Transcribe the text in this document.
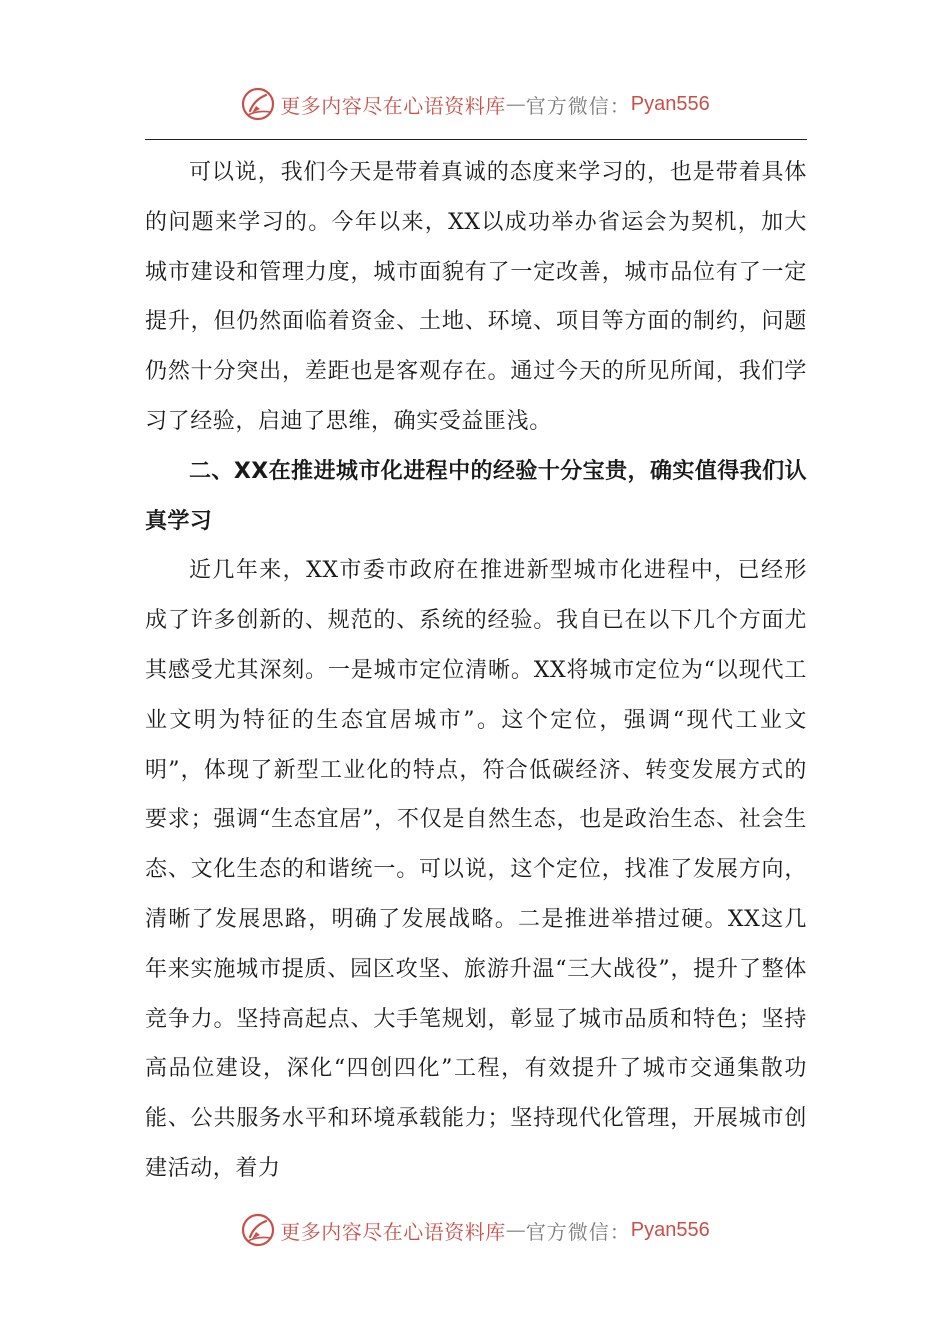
更多内容尽在心语资料库 — 官方微信： Pyan556

可以说，我们今天是带着真诚的态度来学习的，也是带着具体的问题来学习的。今年以来，XX以成功举办省运会为契机，加大城市建设和管理力度，城市面貌有了一定改善，城市品位有了一定提升，但仍然面临着资金、土地、环境、项目等方面的制约，问题仍然十分突出，差距也是客观存在。通过今天的所见所闻，我们学习了经验，启迪了思维，确实受益匪浅。

二、XX在推进城市化进程中的经验十分宝贵，确实值得我们认真学习

近几年来，XX市委市政府在推进新型城市化进程中，已经形成了许多创新的、规范的、系统的经验。我自已在以下几个方面尤其感受尤其深刻。一是城市定位清晰。XX将城市定位为“以现代工业文明为特征的生态宜居城市”。这个定位，强调“现代工业文明”，体现了新型工业化的特点，符合低碳经济、转变发展方式的要求；强调“生态宜居”，不仅是自然生态，也是政治生态、社会生态、文化生态的和谐统一。可以说，这个定位，找准了发展方向，清晰了发展思路，明确了发展战略。二是推进举措过硬。XX这几年来实施城市提质、园区攻坚、旅游升温“三大战役”，提升了整体竞争力。坚持高起点、大手笔规划，彰显了城市品质和特色；坚持高品位建设，深化“四创四化”工程，有效提升了城市交通集散功能、公共服务水平和环境承载能力；坚持现代化管理，开展城市创建活动，着力

更多内容尽在心语资料库 — 官方微信： Pyan556
